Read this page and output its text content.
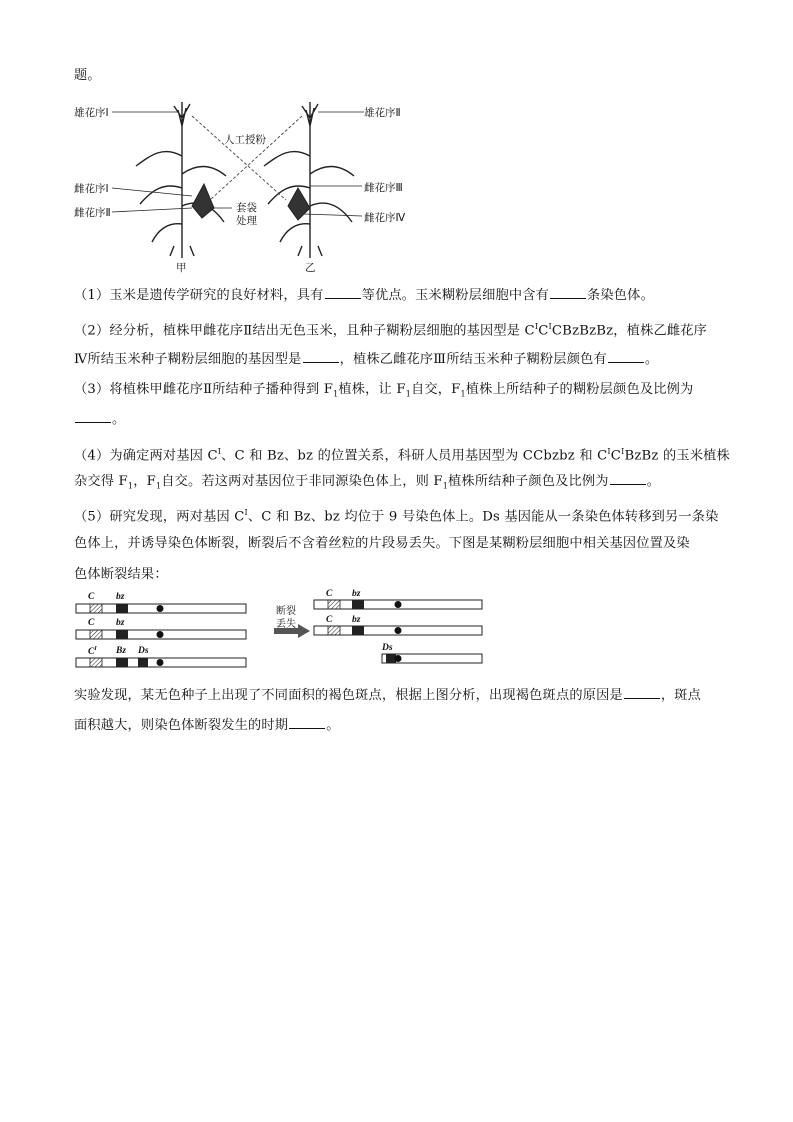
题。
雄花序Ⅰ
雌花序Ⅰ
雌花序Ⅱ
雄花序Ⅱ
雌花序Ⅲ
雌花序Ⅳ
人工授粉
套袋
处理
甲	乙
（1）玉米是遗传学研究的良好材料，具有	等优点。玉米糊粉层细胞中含有	条染色体。
（2）经分析，植株甲雌花序Ⅱ结出无色玉米，且种子糊粉层细胞的基因型是 $C^IC^ICBzBzBz$，植株乙雌花序
Ⅳ所结玉米种子糊粉层细胞的基因型是	，植株乙雌花序Ⅲ所结玉米种子糊粉层颜色有	。
（3）将植株甲雌花序Ⅱ所结种子播种得到 $F_1$植株，让 $F_1$自交，$F_1$植株上所结种子的糊粉层颜色及比例为
。
（4）为确定两对基因 $C^I$、C 和 Bz、bz 的位置关系，科研人员用基因型为 CCbzbz 和 $C^IC^IBzBz$ 的玉米植株
杂交得 $F_1$，$F_1$自交。若这两对基因位于非同源染色体上，则 $F_1$植株所结种子颜色及比例为	。
（5）研究发现，两对基因 $C^I$、C 和 Bz、bz 均位于 9 号染色体上。Ds 基因能从一条染色体转移到另一条染
色体上，并诱导染色体断裂，断裂后不含着丝粒的片段易丢失。下图是某糊粉层细胞中相关基因位置及染
色体断裂结果：
C bz
C bz
$C^I$ Bz Ds
断裂
丢失
C bz
C bz
Ds
实验发现，某无色种子上出现了不同面积的褐色斑点，根据上图分析，出现褐色斑点的原因是	，斑点
面积越大，则染色体断裂发生的时期	。
